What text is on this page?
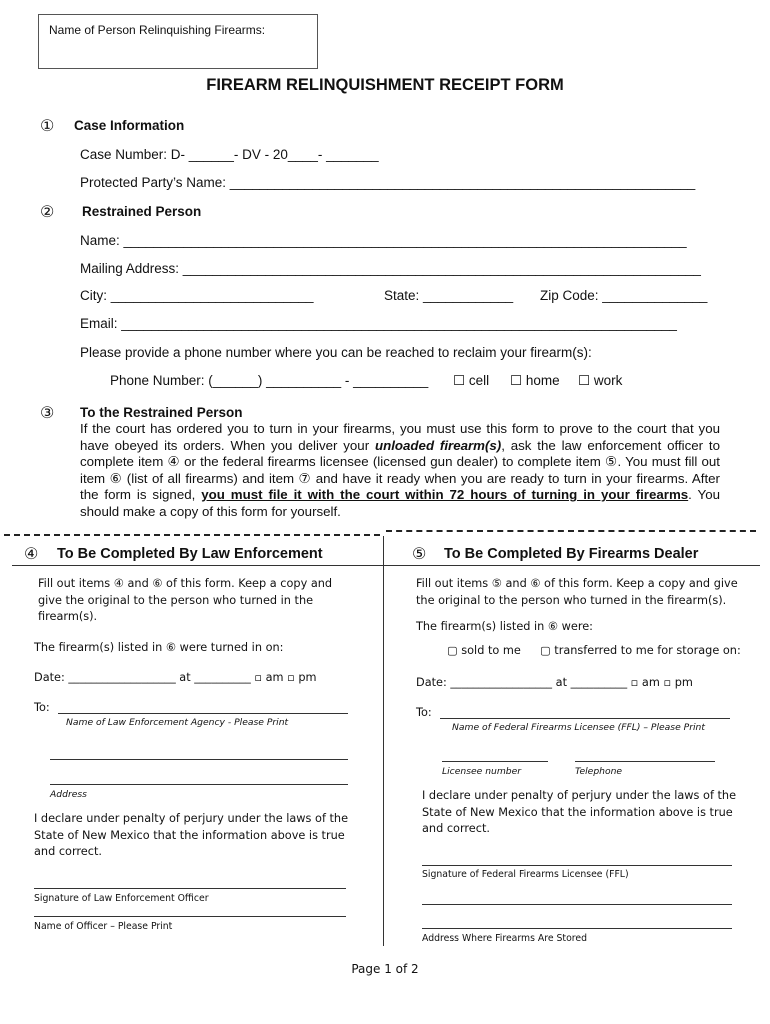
Name of Person Relinquishing Firearms:
FIREARM RELINQUISHMENT RECEIPT FORM
① Case Information
Case Number: D- ______- DV - 20____- _______
Protected Party’s Name: ______________________________________________________________
② Restrained Person
Name: ___________________________________________________________________________
Mailing Address: _____________________________________________________________________
City: ___________________________	State: ____________ Zip Code: ______________
Email: __________________________________________________________________________
Please provide a phone number where you can be reached to reclaim your firearm(s):
Phone Number: (______) __________ - __________ ☐ cell ☐ home ☐ work
③ To the Restrained Person
If the court has ordered you to turn in your firearms, you must use this form to prove to the court that you have obeyed its orders. When you deliver your unloaded firearm(s), ask the law enforcement officer to complete item ④ or the federal firearms licensee (licensed gun dealer) to complete item ⑤. You must fill out item ⑥ (list of all firearms) and item ⑦ and have it ready when you are ready to turn in your firearms. After the form is signed, you must file it with the court within 72 hours of turning in your firearms. You should make a copy of this form for yourself.
④ To Be Completed By Law Enforcement
Fill out items ④ and ⑥ of this form. Keep a copy and give the original to the person who turned in the firearm(s).
The firearm(s) listed in ⑥ were turned in on:
Date: ___________________ at __________ ▫ am ▫ pm
To:
Name of Law Enforcement Agency - Please Print
Address
I declare under penalty of perjury under the laws of the State of New Mexico that the information above is true and correct.
Signature of Law Enforcement Officer
Name of Officer – Please Print
⑤ To Be Completed By Firearms Dealer
Fill out items ⑤ and ⑥ of this form. Keep a copy and give the original to the person who turned in the firearm(s).
The firearm(s) listed in ⑥ were:
▢ sold to me ▢ transferred to me for storage on:
Date: __________________ at __________ ▫ am ▫ pm
To:
Name of Federal Firearms Licensee (FFL) – Please Print
Licensee number	Telephone
I declare under penalty of perjury under the laws of the State of New Mexico that the information above is true and correct.
Signature of Federal Firearms Licensee (FFL)
Address Where Firearms Are Stored
Page 1 of 2
